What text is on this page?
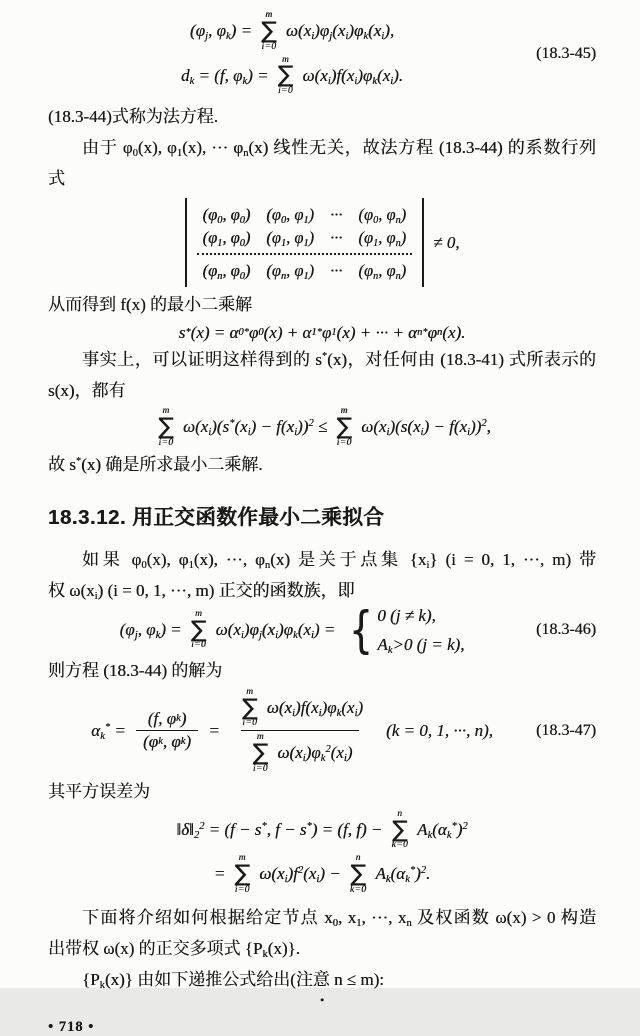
($\varphi_j$, $\varphi_k$) =
m
∑
i=0
$\omega(x_i)\varphi_j(x_i)\varphi_k(x_i)$,
$d_k = (f$, $\varphi_k$) =
m
∑
i=0
$\omega(x_i)f(x_i)\varphi_k(x_i)$.
(18.3-45)

(18.3-44)式称为法方程.

由于 $\varphi_0(x)$, $\varphi_1(x)$, ··· $\varphi_n(x)$ 线性无关，故法方程 (18.3-44) 的系数行列

式

($\varphi_0$, $\varphi_0$) ($\varphi_0$, $\varphi_1$) ··· ($\varphi_0$, $\varphi_n$)
($\varphi_1$, $\varphi_0$) ($\varphi_1$, $\varphi_1$) ··· ($\varphi_1$, $\varphi_n$)
($\varphi_n$, $\varphi_0$) ($\varphi_n$, $\varphi_1$) ··· ($\varphi_n$, $\varphi_n$)
≠ 0,

从而得到 f(x) 的最小二乘解

s * (x) = α 0 * φ 0 (x) + α 1 * φ 1 (x) + ··· + α n * φ n (x).

事实上，可以证明这样得到的 s*(x)，对任何由 (18.3-41) 式所表示的

s(x)，都有

m
∑
i=0
$\omega(x_i)(s^*(x_i) - f(x_i))^2$ ≤
m
∑
i=0
$\omega(x_i)(s(x_i) - f(x_i))^2$,

故 s*(x) 确是所求最小二乘解.

18.3.12. 用正交函数作最小二乘拟合

如果 $\varphi_0(x)$, $\varphi_1(x)$, ···, $\varphi_n(x)$ 是关于点集 $\{x_i\} (i = 0$, 1, ···, m) 带

权 $\omega(x_i) (i = 0$, 1, ···, m) 正交的函数族，即

($\varphi_j$, $\varphi_k$) =
m
∑
i=0
$\omega(x_i)\varphi_j(x_i)\varphi_k(x_i)$ = { 0 (j ≠ k),
$A_k>0$ (j = k),
(18.3-46)

则方程 (18.3-44) 的解为

$\alpha_k^* = \frac{\text{(f, φ k )}}{\text{(φ k , φ k )}}$ =
m
∑
i=0
$\omega(x_i)f(x_i)\varphi_k(x_i)$
m
∑
i=0
$\omega(x_i)\varphi_k^2(x_i)$
(k = 0, 1, ···, n),	(18.3-47)

其平方误差为

$‖\delta‖_2^2 = (f - s^*$, f − s*) = (f, f) −
n
∑
k=0
$A_k(\alpha_k^*)^2$
=
m
∑
i=0
$\omega(x_i)f^2(x_i)$ −
n
∑
k=0
$A_k(\alpha_k^*)^2$.

下面将介绍如何根据给定节点 $x_0$, $x_1$, ···, $x_n$ 及权函数 ω(x) > 0 构造

出带权 ω(x) 的正交多项式 $\{P_k(x)\}$.

$\{P_k(x)\}$ 由如下递推公式给出(注意 n ≤ m):

•
• 718 •
